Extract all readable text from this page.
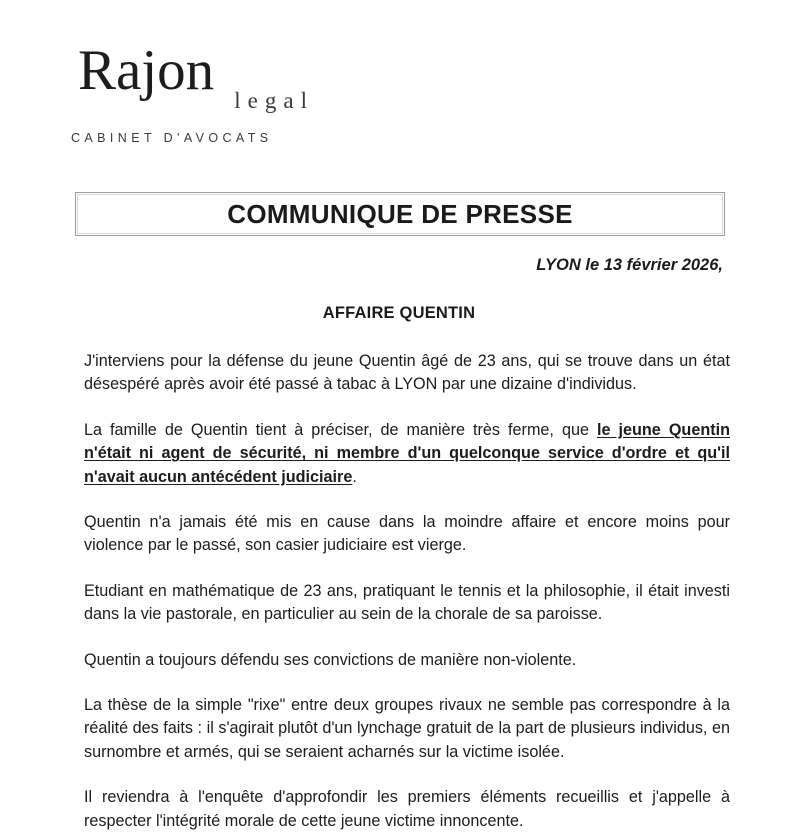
Rajon legal
CABINET D'AVOCATS
COMMUNIQUE DE PRESSE
LYON le 13 février 2026,
AFFAIRE QUENTIN

J'interviens pour la défense du jeune Quentin âgé de 23 ans, qui se trouve dans un état désespéré après avoir été passé à tabac à LYON par une dizaine d'individus.

La famille de Quentin tient à préciser, de manière très ferme, que le jeune Quentin n'était ni agent de sécurité, ni membre d'un quelconque service d'ordre et qu'il n'avait aucun antécédent judiciaire.

Quentin n'a jamais été mis en cause dans la moindre affaire et encore moins pour violence par le passé, son casier judiciaire est vierge.

Etudiant en mathématique de 23 ans, pratiquant le tennis et la philosophie, il était investi dans la vie pastorale, en particulier au sein de la chorale de sa paroisse.

Quentin a toujours défendu ses convictions de manière non-violente.

La thèse de la simple "rixe" entre deux groupes rivaux ne semble pas correspondre à la réalité des faits : il s'agirait plutôt d'un lynchage gratuit de la part de plusieurs individus, en surnombre et armés, qui se seraient acharnés sur la victime isolée.

Il reviendra à l'enquête d'approfondir les premiers éléments recueillis et j'appelle à respecter l'intégrité morale de cette jeune victime innoncente.
